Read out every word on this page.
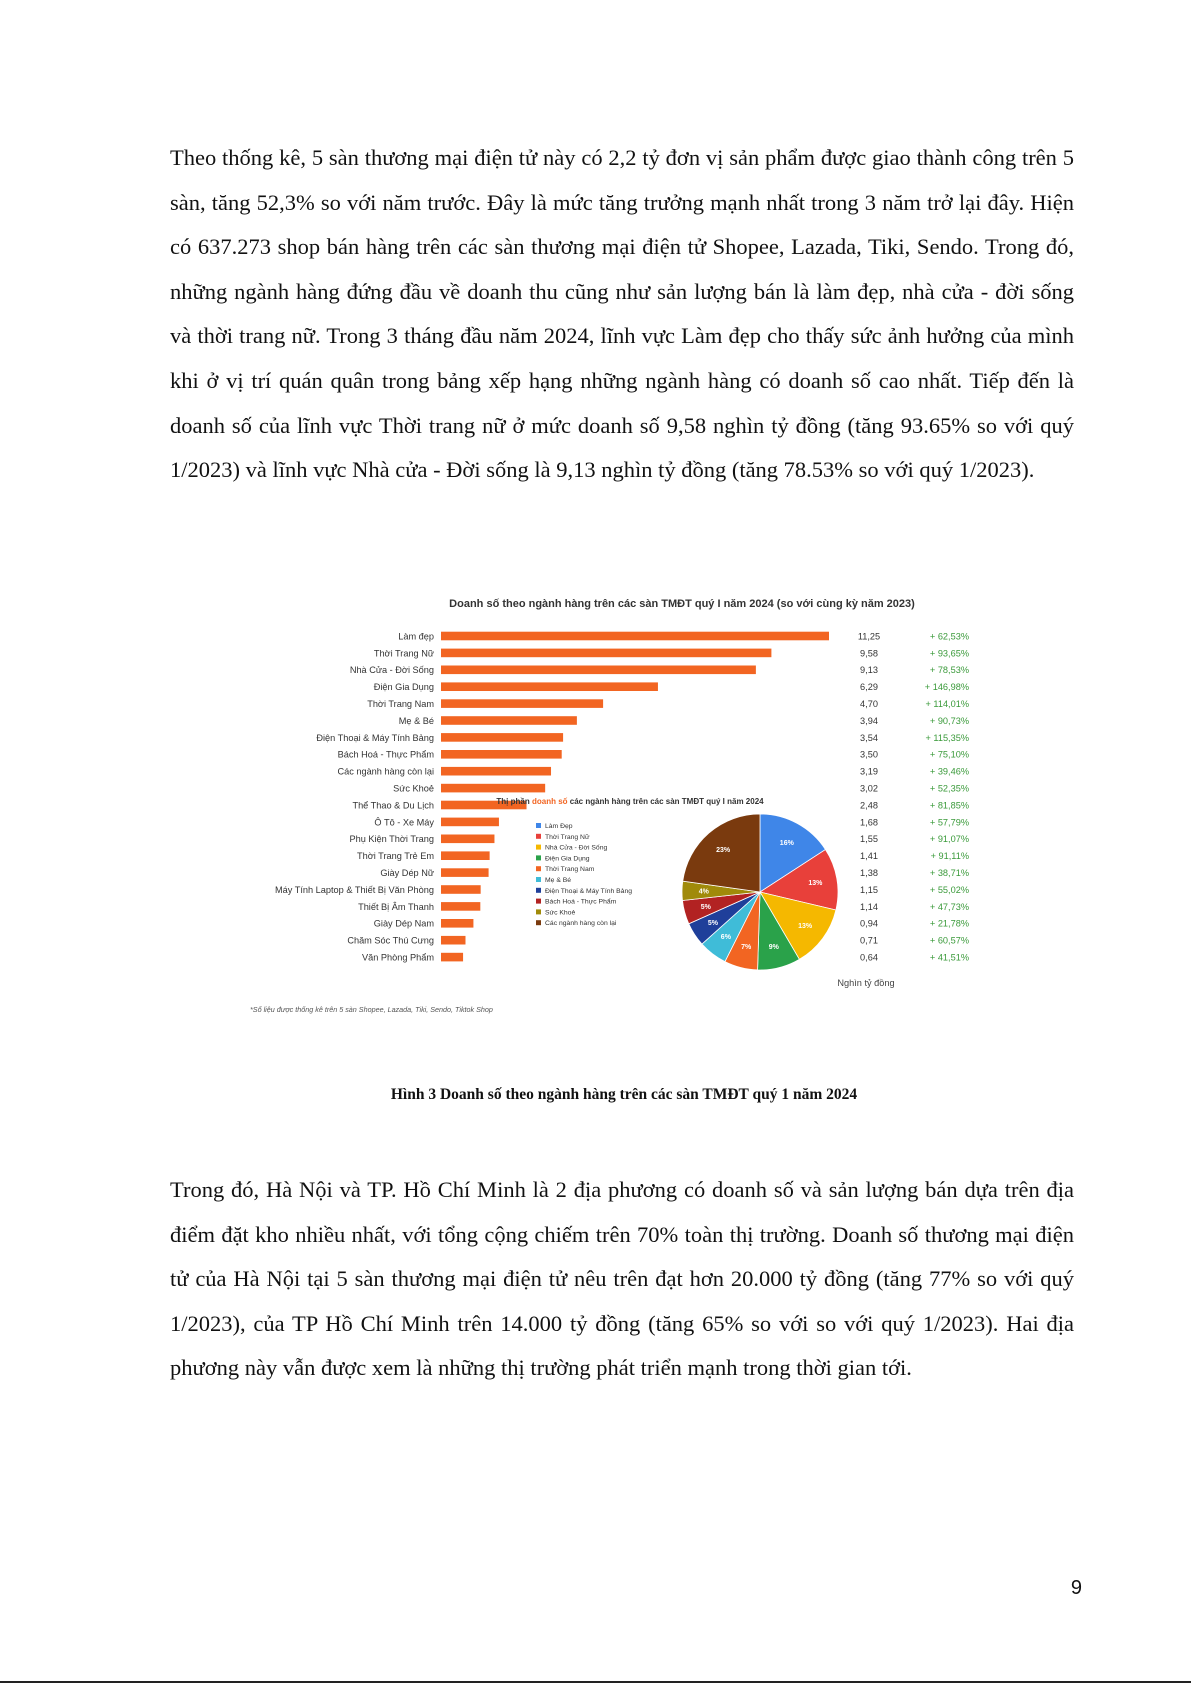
Theo thống kê, 5 sàn thương mại điện tử này có 2,2 tỷ đơn vị sản phẩm được giao thành công trên 5 sàn, tăng 52,3% so với năm trước. Đây là mức tăng trưởng mạnh nhất trong 3 năm trở lại đây. Hiện có 637.273 shop bán hàng trên các sàn thương mại điện tử Shopee, Lazada, Tiki, Sendo. Trong đó, những ngành hàng đứng đầu về doanh thu cũng như sản lượng bán là làm đẹp, nhà cửa - đời sống và thời trang nữ. Trong 3 tháng đầu năm 2024, lĩnh vực Làm đẹp cho thấy sức ảnh hưởng của mình khi ở vị trí quán quân trong bảng xếp hạng những ngành hàng có doanh số cao nhất. Tiếp đến là doanh số của lĩnh vực Thời trang nữ ở mức doanh số 9,58 nghìn tỷ đồng (tăng 93.65% so với quý 1/2023) và lĩnh vực Nhà cửa - Đời sống là 9,13 nghìn tỷ đồng (tăng 78.53% so với quý 1/2023).

Doanh số theo ngành hàng trên các sàn TMĐT quý I năm 2024 (so với cùng kỳ năm 2023)
Làm đẹp	11,25	+ 62,53%
Thời Trang Nữ	9,58	+ 93,65%
Nhà Cửa - Đời Sống	9,13	+ 78,53%
Điện Gia Dụng	6,29	+ 146,98%
Thời Trang Nam	4,70	+ 114,01%
Mẹ & Bé	3,94	+ 90,73%
Điện Thoại & Máy Tính Bảng	3,54	+ 115,35%
Bách Hoá - Thực Phẩm	3,50	+ 75,10%
Các ngành hàng còn lại	3,19	+ 39,46%
Sức Khoẻ	3,02	+ 52,35%
Thể Thao & Du Lịch	2,48	+ 81,85%
Ô Tô - Xe Máy	1,68	+ 57,79%
Phụ Kiện Thời Trang	1,55	+ 91,07%
Thời Trang Trẻ Em	1,41	+ 91,11%
Giày Dép Nữ	1,38	+ 38,71%
Máy Tính Laptop & Thiết Bị Văn Phòng	1,15	+ 55,02%
Thiết Bị Âm Thanh	1,14	+ 47,73%
Giày Dép Nam	0,94	+ 21,78%
Chăm Sóc Thú Cưng	0,71	+ 60,57%
Văn Phòng Phẩm	0,64	+ 41,51%
Nghìn tỷ đồng
*Số liệu được thống kê trên 5 sàn Shopee, Lazada, Tiki, Sendo, Tiktok Shop
Thị phần doanh số các ngành hàng trên các sàn TMĐT quý I năm 2024
Làm Đẹp
Thời Trang Nữ
Nhà Cửa - Đời Sống
Điện Gia Dụng
Thời Trang Nam
Mẹ & Bé
Điện Thoại & Máy Tính Bảng
Bách Hoá - Thực Phẩm
Sức Khoẻ
Các ngành hàng còn lại
16%
13%
13%
9%
7%
6%
5%
5%
4%
23%
Hình 3 Doanh số theo ngành hàng trên các sàn TMĐT quý 1 năm 2024

Trong đó, Hà Nội và TP. Hồ Chí Minh là 2 địa phương có doanh số và sản lượng bán dựa trên địa điểm đặt kho nhiều nhất, với tổng cộng chiếm trên 70% toàn thị trường. Doanh số thương mại điện tử của Hà Nội tại 5 sàn thương mại điện tử nêu trên đạt hơn 20.000 tỷ đồng (tăng 77% so với quý 1/2023), của TP Hồ Chí Minh trên 14.000 tỷ đồng (tăng 65% so với so với quý 1/2023). Hai địa phương này vẫn được xem là những thị trường phát triển mạnh trong thời gian tới.

9
